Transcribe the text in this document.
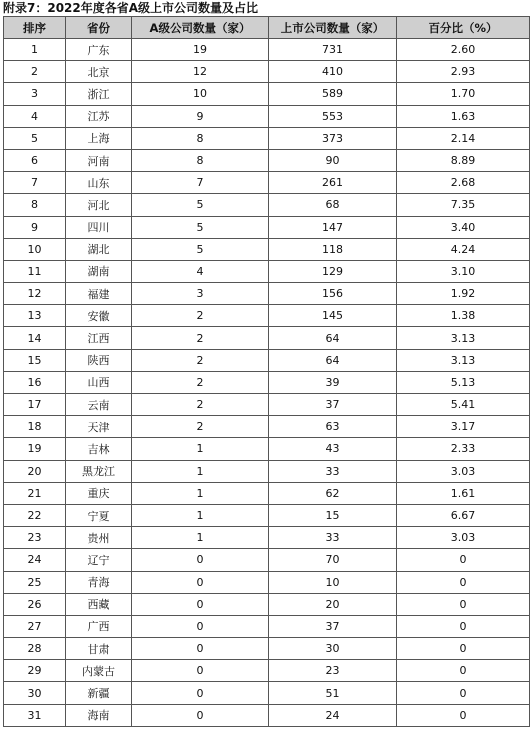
附录7：2022年度各省A级上市公司数量及占比
排序	省份	A级公司数量（家）	上市公司数量（家）	百分比（%）
1	广东	19	731	2.60
2	北京	12	410	2.93
3	浙江	10	589	1.70
4	江苏	9	553	1.63
5	上海	8	373	2.14
6	河南	8	90	8.89
7	山东	7	261	2.68
8	河北	5	68	7.35
9	四川	5	147	3.40
10	湖北	5	118	4.24
11	湖南	4	129	3.10
12	福建	3	156	1.92
13	安徽	2	145	1.38
14	江西	2	64	3.13
15	陕西	2	64	3.13
16	山西	2	39	5.13
17	云南	2	37	5.41
18	天津	2	63	3.17
19	吉林	1	43	2.33
20	黑龙江	1	33	3.03
21	重庆	1	62	1.61
22	宁夏	1	15	6.67
23	贵州	1	33	3.03
24	辽宁	0	70	0
25	青海	0	10	0
26	西藏	0	20	0
27	广西	0	37	0
28	甘肃	0	30	0
29	内蒙古	0	23	0
30	新疆	0	51	0
31	海南	0	24	0
